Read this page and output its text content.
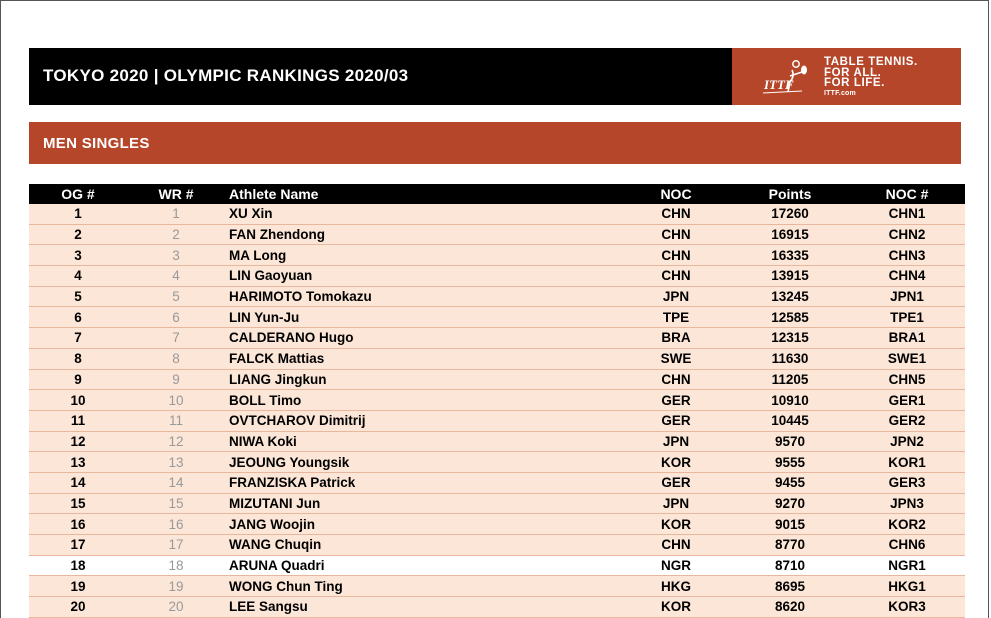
TOKYO 2020 | OLYMPIC RANKINGS 2020/03	ITTF
TABLE TENNIS.
FOR ALL.
FOR LIFE.
ITTF.com
MEN SINGLES
OG #	WR #	Athlete Name	NOC	Points	NOC #
1	1	XU Xin	CHN	17260	CHN1
2	2	FAN Zhendong	CHN	16915	CHN2
3	3	MA Long	CHN	16335	CHN3
4	4	LIN Gaoyuan	CHN	13915	CHN4
5	5	HARIMOTO Tomokazu	JPN	13245	JPN1
6	6	LIN Yun-Ju	TPE	12585	TPE1
7	7	CALDERANO Hugo	BRA	12315	BRA1
8	8	FALCK Mattias	SWE	11630	SWE1
9	9	LIANG Jingkun	CHN	11205	CHN5
10	10	BOLL Timo	GER	10910	GER1
11	11	OVTCHAROV Dimitrij	GER	10445	GER2
12	12	NIWA Koki	JPN	9570	JPN2
13	13	JEOUNG Youngsik	KOR	9555	KOR1
14	14	FRANZISKA Patrick	GER	9455	GER3
15	15	MIZUTANI Jun	JPN	9270	JPN3
16	16	JANG Woojin	KOR	9015	KOR2
17	17	WANG Chuqin	CHN	8770	CHN6
18	18	ARUNA Quadri	NGR	8710	NGR1
19	19	WONG Chun Ting	HKG	8695	HKG1
20	20	LEE Sangsu	KOR	8620	KOR3
